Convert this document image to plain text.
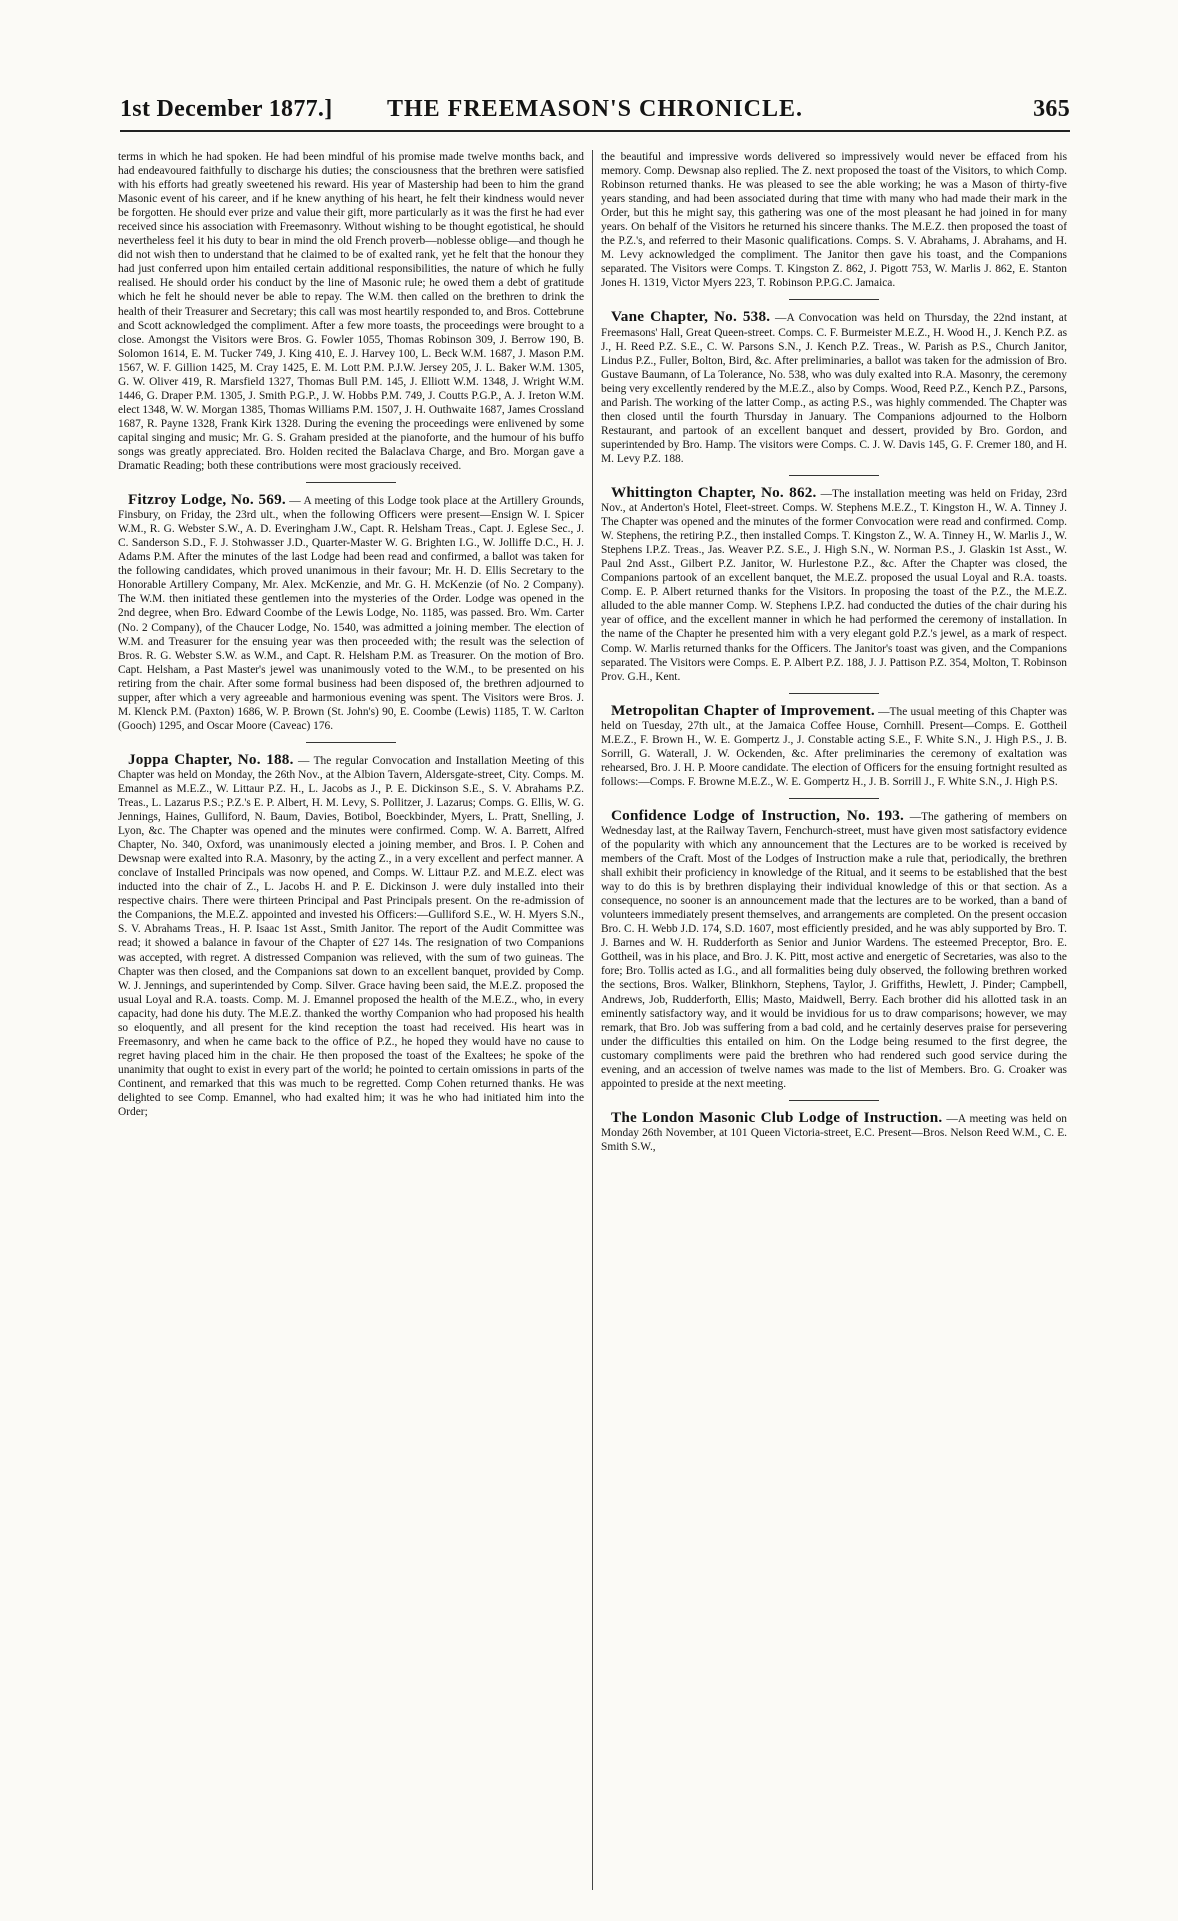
1st December 1877.]	THE FREEMASON'S CHRONICLE.	365

terms in which he had spoken. He had been mindful of his promise made twelve months back, and had endeavoured faithfully to discharge his duties; the consciousness that the brethren were satisfied with his efforts had greatly sweetened his reward. His year of Mastership had been to him the grand Masonic event of his career, and if he knew anything of his heart, he felt their kindness would never be forgotten. He should ever prize and value their gift, more particularly as it was the first he had ever received since his association with Freemasonry. Without wishing to be thought egotistical, he should nevertheless feel it his duty to bear in mind the old French proverb—noblesse oblige—and though he did not wish then to understand that he claimed to be of exalted rank, yet he felt that the honour they had just conferred upon him entailed certain additional responsibilities, the nature of which he fully realised. He should order his conduct by the line of Masonic rule; he owed them a debt of gratitude which he felt he should never be able to repay. The W.M. then called on the brethren to drink the health of their Treasurer and Secretary; this call was most heartily responded to, and Bros. Cottebrune and Scott acknowledged the compliment. After a few more toasts, the proceedings were brought to a close. Amongst the Visitors were Bros. G. Fowler 1055, Thomas Robinson 309, J. Berrow 190, B. Solomon 1614, E. M. Tucker 749, J. King 410, E. J. Harvey 100, L. Beck W.M. 1687, J. Mason P.M. 1567, W. F. Gillion 1425, M. Cray 1425, E. M. Lott P.M. P.J.W. Jersey 205, J. L. Baker W.M. 1305, G. W. Oliver 419, R. Marsfield 1327, Thomas Bull P.M. 145, J. Elliott W.M. 1348, J. Wright W.M. 1446, G. Draper P.M. 1305, J. Smith P.G.P., J. W. Hobbs P.M. 749, J. Coutts P.G.P., A. J. Ireton W.M. elect 1348, W. W. Morgan 1385, Thomas Williams P.M. 1507, J. H. Outhwaite 1687, James Crossland 1687, R. Payne 1328, Frank Kirk 1328. During the evening the proceedings were enlivened by some capital singing and music; Mr. G. S. Graham presided at the pianoforte, and the humour of his buffo songs was greatly appreciated. Bro. Holden recited the Balaclava Charge, and Bro. Morgan gave a Dramatic Reading; both these contributions were most graciously received.

Fitzroy Lodge, No. 569. — A meeting of this Lodge took place at the Artillery Grounds, Finsbury, on Friday, the 23rd ult., when the following Officers were present—Ensign W. I. Spicer W.M., R. G. Webster S.W., A. D. Everingham J.W., Capt. R. Helsham Treas., Capt. J. Eglese Sec., J. C. Sanderson S.D., F. J. Stohwasser J.D., Quarter-Master W. G. Brighten I.G., W. Jolliffe D.C., H. J. Adams P.M. After the minutes of the last Lodge had been read and confirmed, a ballot was taken for the following candidates, which proved unanimous in their favour; Mr. H. D. Ellis Secretary to the Honorable Artillery Company, Mr. Alex. McKenzie, and Mr. G. H. McKenzie (of No. 2 Company). The W.M. then initiated these gentlemen into the mysteries of the Order. Lodge was opened in the 2nd degree, when Bro. Edward Coombe of the Lewis Lodge, No. 1185, was passed. Bro. Wm. Carter (No. 2 Company), of the Chaucer Lodge, No. 1540, was admitted a joining member. The election of W.M. and Treasurer for the ensuing year was then proceeded with; the result was the selection of Bros. R. G. Webster S.W. as W.M., and Capt. R. Helsham P.M. as Treasurer. On the motion of Bro. Capt. Helsham, a Past Master's jewel was unanimously voted to the W.M., to be presented on his retiring from the chair. After some formal business had been disposed of, the brethren adjourned to supper, after which a very agreeable and harmonious evening was spent. The Visitors were Bros. J. M. Klenck P.M. (Paxton) 1686, W. P. Brown (St. John's) 90, E. Coombe (Lewis) 1185, T. W. Carlton (Gooch) 1295, and Oscar Moore (Caveac) 176.

Joppa Chapter, No. 188. — The regular Convocation and Installation Meeting of this Chapter was held on Monday, the 26th Nov., at the Albion Tavern, Aldersgate-street, City. Comps. M. Emannel as M.E.Z., W. Littaur P.Z. H., L. Jacobs as J., P. E. Dickinson S.E., S. V. Abrahams P.Z. Treas., L. Lazarus P.S.; P.Z.'s E. P. Albert, H. M. Levy, S. Pollitzer, J. Lazarus; Comps. G. Ellis, W. G. Jennings, Haines, Gulliford, N. Baum, Davies, Botibol, Boeckbinder, Myers, L. Pratt, Snelling, J. Lyon, &c. The Chapter was opened and the minutes were confirmed. Comp. W. A. Barrett, Alfred Chapter, No. 340, Oxford, was unanimously elected a joining member, and Bros. I. P. Cohen and Dewsnap were exalted into R.A. Masonry, by the acting Z., in a very excellent and perfect manner. A conclave of Installed Principals was now opened, and Comps. W. Littaur P.Z. and M.E.Z. elect was inducted into the chair of Z., L. Jacobs H. and P. E. Dickinson J. were duly installed into their respective chairs. There were thirteen Principal and Past Principals present. On the re-admission of the Companions, the M.E.Z. appointed and invested his Officers:—Gulliford S.E., W. H. Myers S.N., S. V. Abrahams Treas., H. P. Isaac 1st Asst., Smith Janitor. The report of the Audit Committee was read; it showed a balance in favour of the Chapter of £27 14s. The resignation of two Companions was accepted, with regret. A distressed Companion was relieved, with the sum of two guineas. The Chapter was then closed, and the Companions sat down to an excellent banquet, provided by Comp. W. J. Jennings, and superintended by Comp. Silver. Grace having been said, the M.E.Z. proposed the usual Loyal and R.A. toasts. Comp. M. J. Emannel proposed the health of the M.E.Z., who, in every capacity, had done his duty. The M.E.Z. thanked the worthy Companion who had proposed his health so eloquently, and all present for the kind reception the toast had received. His heart was in Freemasonry, and when he came back to the office of P.Z., he hoped they would have no cause to regret having placed him in the chair. He then proposed the toast of the Exaltees; he spoke of the unanimity that ought to exist in every part of the world; he pointed to certain omissions in parts of the Continent, and remarked that this was much to be regretted. Comp Cohen returned thanks. He was delighted to see Comp. Emannel, who had exalted him; it was he who had initiated him into the Order;

the beautiful and impressive words delivered so impressively would never be effaced from his memory. Comp. Dewsnap also replied. The Z. next proposed the toast of the Visitors, to which Comp. Robinson returned thanks. He was pleased to see the able working; he was a Mason of thirty-five years standing, and had been associated during that time with many who had made their mark in the Order, but this he might say, this gathering was one of the most pleasant he had joined in for many years. On behalf of the Visitors he returned his sincere thanks. The M.E.Z. then proposed the toast of the P.Z.'s, and referred to their Masonic qualifications. Comps. S. V. Abrahams, J. Abrahams, and H. M. Levy acknowledged the compliment. The Janitor then gave his toast, and the Companions separated. The Visitors were Comps. T. Kingston Z. 862, J. Pigott 753, W. Marlis J. 862, E. Stanton Jones H. 1319, Victor Myers 223, T. Robinson P.P.G.C. Jamaica.

Vane Chapter, No. 538. —A Convocation was held on Thursday, the 22nd instant, at Freemasons' Hall, Great Queen-street. Comps. C. F. Burmeister M.E.Z., H. Wood H., J. Kench P.Z. as J., H. Reed P.Z. S.E., C. W. Parsons S.N., J. Kench P.Z. Treas., W. Parish as P.S., Church Janitor, Lindus P.Z., Fuller, Bolton, Bird, &c. After preliminaries, a ballot was taken for the admission of Bro. Gustave Baumann, of La Tolerance, No. 538, who was duly exalted into R.A. Masonry, the ceremony being very excellently rendered by the M.E.Z., also by Comps. Wood, Reed P.Z., Kench P.Z., Parsons, and Parish. The working of the latter Comp., as acting P.S., was highly commended. The Chapter was then closed until the fourth Thursday in January. The Companions adjourned to the Holborn Restaurant, and partook of an excellent banquet and dessert, provided by Bro. Gordon, and superintended by Bro. Hamp. The visitors were Comps. C. J. W. Davis 145, G. F. Cremer 180, and H. M. Levy P.Z. 188.

Whittington Chapter, No. 862. —The installation meeting was held on Friday, 23rd Nov., at Anderton's Hotel, Fleet-street. Comps. W. Stephens M.E.Z., T. Kingston H., W. A. Tinney J. The Chapter was opened and the minutes of the former Convocation were read and confirmed. Comp. W. Stephens, the retiring P.Z., then installed Comps. T. Kingston Z., W. A. Tinney H., W. Marlis J., W. Stephens I.P.Z. Treas., Jas. Weaver P.Z. S.E., J. High S.N., W. Norman P.S., J. Glaskin 1st Asst., W. Paul 2nd Asst., Gilbert P.Z. Janitor, W. Hurlestone P.Z., &c. After the Chapter was closed, the Companions partook of an excellent banquet, the M.E.Z. proposed the usual Loyal and R.A. toasts. Comp. E. P. Albert returned thanks for the Visitors. In proposing the toast of the P.Z., the M.E.Z. alluded to the able manner Comp. W. Stephens I.P.Z. had conducted the duties of the chair during his year of office, and the excellent manner in which he had performed the ceremony of installation. In the name of the Chapter he presented him with a very elegant gold P.Z.'s jewel, as a mark of respect. Comp. W. Marlis returned thanks for the Officers. The Janitor's toast was given, and the Companions separated. The Visitors were Comps. E. P. Albert P.Z. 188, J. J. Pattison P.Z. 354, Molton, T. Robinson Prov. G.H., Kent.

Metropolitan Chapter of Improvement. —The usual meeting of this Chapter was held on Tuesday, 27th ult., at the Jamaica Coffee House, Cornhill. Present—Comps. E. Gottheil M.E.Z., F. Brown H., W. E. Gompertz J., J. Constable acting S.E., F. White S.N., J. High P.S., J. B. Sorrill, G. Waterall, J. W. Ockenden, &c. After preliminaries the ceremony of exaltation was rehearsed, Bro. J. H. P. Moore candidate. The election of Officers for the ensuing fortnight resulted as follows:—Comps. F. Browne M.E.Z., W. E. Gompertz H., J. B. Sorrill J., F. White S.N., J. High P.S.

Confidence Lodge of Instruction, No. 193. —The gathering of members on Wednesday last, at the Railway Tavern, Fenchurch-street, must have given most satisfactory evidence of the popularity with which any announcement that the Lectures are to be worked is received by members of the Craft. Most of the Lodges of Instruction make a rule that, periodically, the brethren shall exhibit their proficiency in knowledge of the Ritual, and it seems to be established that the best way to do this is by brethren displaying their individual knowledge of this or that section. As a consequence, no sooner is an announcement made that the lectures are to be worked, than a band of volunteers immediately present themselves, and arrangements are completed. On the present occasion Bro. C. H. Webb J.D. 174, S.D. 1607, most efficiently presided, and he was ably supported by Bro. T. J. Barnes and W. H. Rudderforth as Senior and Junior Wardens. The esteemed Preceptor, Bro. E. Gottheil, was in his place, and Bro. J. K. Pitt, most active and energetic of Secretaries, was also to the fore; Bro. Tollis acted as I.G., and all formalities being duly observed, the following brethren worked the sections, Bros. Walker, Blinkhorn, Stephens, Taylor, J. Griffiths, Hewlett, J. Pinder; Campbell, Andrews, Job, Rudderforth, Ellis; Masto, Maidwell, Berry. Each brother did his allotted task in an eminently satisfactory way, and it would be invidious for us to draw comparisons; however, we may remark, that Bro. Job was suffering from a bad cold, and he certainly deserves praise for persevering under the difficulties this entailed on him. On the Lodge being resumed to the first degree, the customary compliments were paid the brethren who had rendered such good service during the evening, and an accession of twelve names was made to the list of Members. Bro. G. Croaker was appointed to preside at the next meeting.

The London Masonic Club Lodge of Instruction. —A meeting was held on Monday 26th November, at 101 Queen Victoria-street, E.C. Present—Bros. Nelson Reed W.M., C. E. Smith S.W.,
